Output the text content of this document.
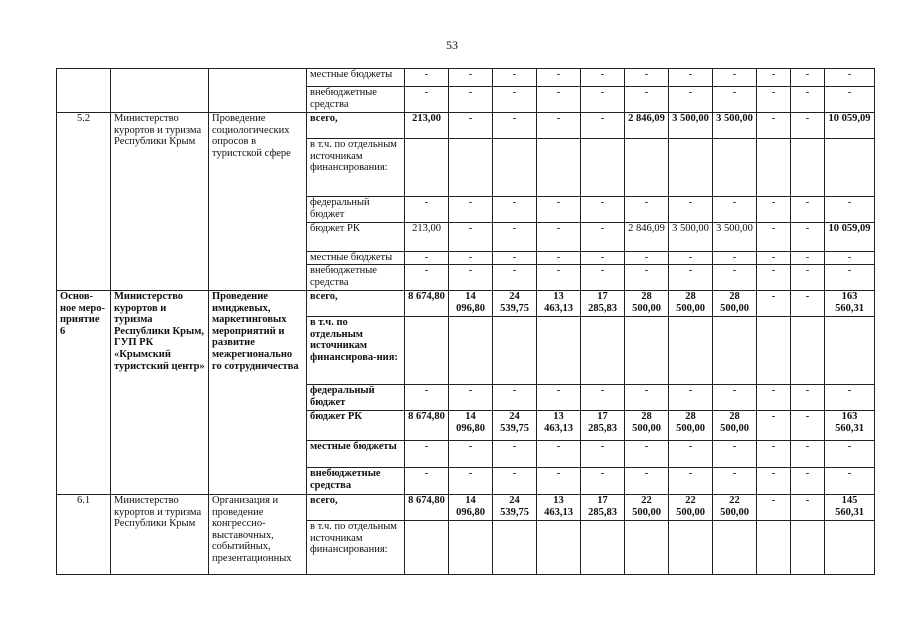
53
			местные бюджеты	-	-	-	-	-	-	-	-	-	-	-
			внебюджетные средства	-	-	-	-	-	-	-	-	-	-	-
5.2	Министерство курортов и туризма Республики Крым	Проведение социологических опросов в туристской сфере	всего,	213,00	-	-	-	-	2 846,09	3 500,00	3 500,00	-	-	10 059,09
			в т.ч. по отдельным источникам финансирования:											
			федеральный бюджет	-	-	-	-	-	-	-	-	-	-	-
			бюджет РК	213,00	-	-	-	-	2 846,09	3 500,00	3 500,00	-	-	10 059,09
			местные бюджеты	-	-	-	-	-	-	-	-	-	-	-
			внебюджетные средства	-	-	-	-	-	-	-	-	-	-	-
Основ-ное меро-приятие 6	Министерство курортов и туризма Республики Крым, ГУП РК «Крымский туристский центр»	Проведение имиджевых, маркетинговых мероприятий и развитие межрегионально го сотрудничества	всего,	8 674,80	14 096,80	24 539,75	13 463,13	17 285,83	28 500,00	28 500,00	28 500,00	-	-	163 560,31
			в т.ч. по отдельным источникам финансирова-ния:											
			федеральный бюджет	-	-	-	-	-	-	-	-	-	-	-
			бюджет РК	8 674,80	14 096,80	24 539,75	13 463,13	17 285,83	28 500,00	28 500,00	28 500,00	-	-	163 560,31
			местные бюджеты	-	-	-	-	-	-	-	-	-	-	-
			внебюджетные средства	-	-	-	-	-	-	-	-	-	-	-
6.1	Министерство курортов и туризма Республики Крым	Организация и проведение конгрессно-выставочных, событийных, презентационных	всего,	8 674,80	14 096,80	24 539,75	13 463,13	17 285,83	22 500,00	22 500,00	22 500,00	-	-	145 560,31
			в т.ч. по отдельным источникам финансирования:											
